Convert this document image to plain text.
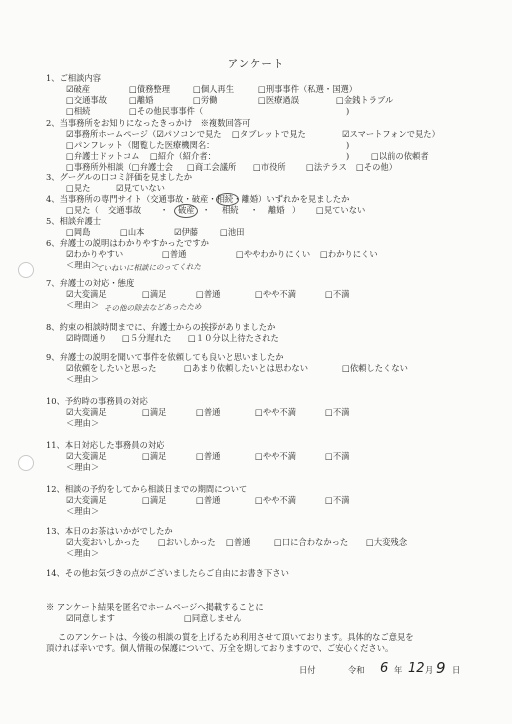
アンケート
1、ご相談内容
☑破産	□債務整理	□個人再生	□刑事事件（私選・国選）
□交通事故	□離婚	□労働	□医療過誤	□金銭トラブル
□相続	□その他民事事件（	)
2、当事務所をお知りになったきっかけ　※複数回答可
☑事務所ホームページ（☑パソコンで見た □タブレットで見た	☑スマートフォンで見た）
□パンフレット（閲覧した医療機関名：	)
□弁護士ドットコム □紹介（紹介者：	)	□以前の依頼者
□事務所外相談（□弁護士会 □商工会議所 □市役所 □法テラス □その他）
3、グーグルの口コミ評価を見ましたか
□見た	☑見ていない
4、当事務所の専門サイト（交通事故・破産・相続・離婚）いずれかを見ましたか
□見た（ 交通事故 ・ 破産 ・ 相続 ・ 離婚 ） □見ていない
5、相談弁護士
□岡島	□山本	☑伊藤	□池田
6、弁護士の説明はわかりやすかったですか
☑わかりやすい	□普通	□ややわかりにくい □わかりにくい
＜理由＞
ていねいに相談にのってくれた
7、弁護士の対応・態度
☑大変満足	□満足	□普通	□やや不満	□不満
＜理由＞ その他の除去などあったため
8、約束の相談時間までに、弁護士からの挨拶がありましたか
☑時間通り □５分遅れた □１０分以上待たされた
9、弁護士の説明を聞いて事件を依頼しても良いと思いましたか
☑依頼をしたいと思った	□あまり依頼したいとは思わない	□依頼したくない
＜理由＞
10、予約時の事務員の対応
☑大変満足	□満足	□普通	□やや不満	□不満
＜理由＞
11、本日対応した事務員の対応
☑大変満足	□満足	□普通	□やや不満	□不満
＜理由＞
12、相談の予約をしてから相談日までの期間について
☑大変満足	□満足	□普通	□やや不満	□不満
＜理由＞
13、本日のお茶はいかがでしたか
☑大変おいしかった □おいしかった □普通	□口に合わなかった □大変残念
＜理由＞
14、その他お気づきの点がございましたらご自由にお書き下さい
※ アンケート結果を匿名でホームページへ掲載することに
☑同意します	□同意しません
このアンケートは、今後の相談の質を上げるため利用させて頂いております。具体的なご意見を
頂ければ幸いです。個人情報の保護について、万全を期しておりますので、ご安心ください。
日付	令和 6 年 12 月 9 日
